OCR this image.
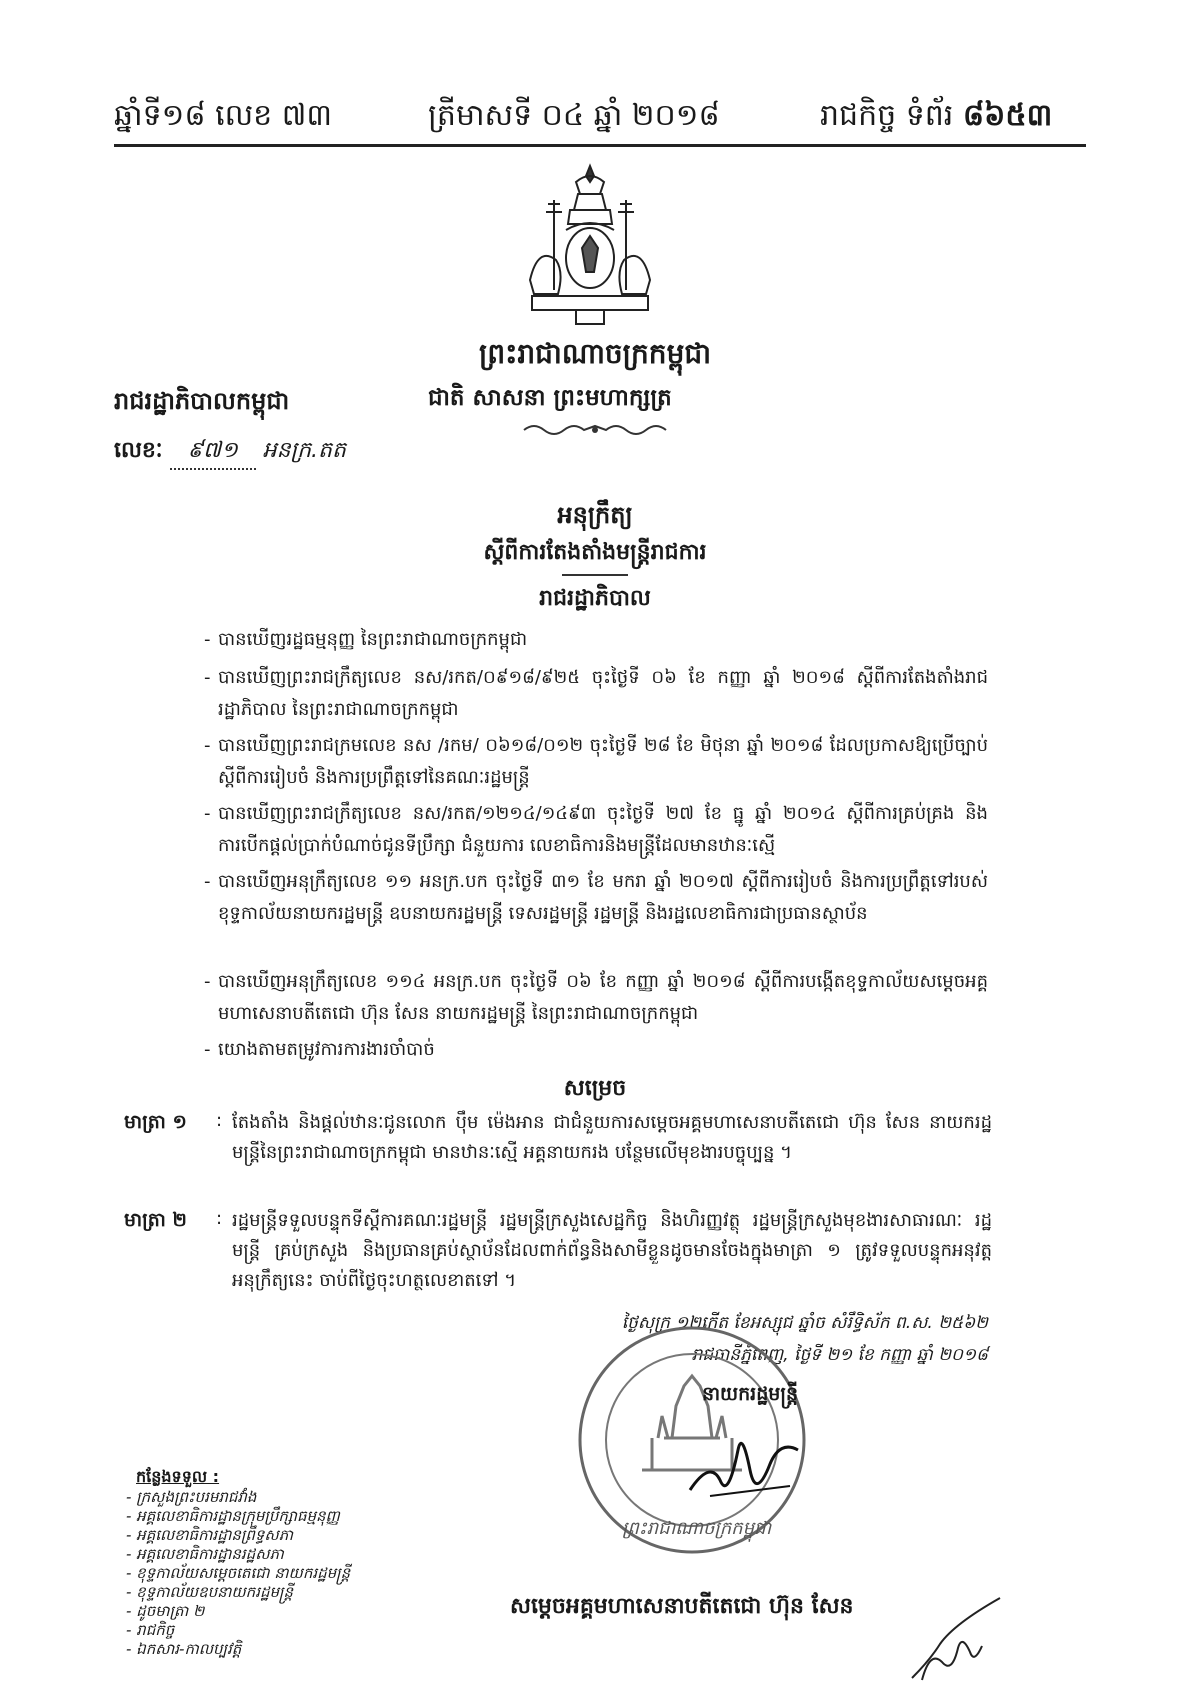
ឆ្នាំទី១៨ លេខ ៧៣	ត្រីមាសទី ០៤ ឆ្នាំ ២០១៨	រាជកិច្ច ទំព័រ ៨៦៥៣
ព្រះរាជាណាចក្រកម្ពុជា
ជាតិ សាសនា ព្រះមហាក្សត្រ
រាជរដ្ឋាភិបាលកម្ពុជា
លេខៈ ៩៧១ អនក្រ.តត
អនុក្រឹត្យ
ស្តីពីការតែងតាំងមន្ត្រីរាជការ
រាជរដ្ឋាភិបាល
- បានឃើញរដ្ឋធម្មនុញ្ញ នៃព្រះរាជាណាចក្រកម្ពុជា
- បានឃើញព្រះរាជក្រឹត្យលេខ នស/រកត/០៩១៨/៩២៥ ចុះថ្ងៃទី ០៦ ខែ កញ្ញា ឆ្នាំ ២០១៨ ស្តីពីការតែងតាំងរាជរដ្ឋាភិបាល នៃព្រះរាជាណាចក្រកម្ពុជា
- បានឃើញព្រះរាជក្រមលេខ នស /រកម/ ០៦១៨/០១២ ចុះថ្ងៃទី ២៨ ខែ មិថុនា ឆ្នាំ ២០១៨ ដែលប្រកាសឱ្យប្រើច្បាប់ស្តីពីការរៀបចំ និងការប្រព្រឹត្តទៅនៃគណៈរដ្ឋមន្ត្រី
- បានឃើញព្រះរាជក្រឹត្យលេខ នស/រកត/១២១៤/១៤៩៣ ចុះថ្ងៃទី ២៧ ខែ ធ្នូ ឆ្នាំ ២០១៤ ស្តីពីការគ្រប់គ្រង និងការបើកផ្តល់ប្រាក់បំណាច់ជូនទីប្រឹក្សា ជំនួយការ លេខាធិការនិងមន្ត្រីដែលមានឋានៈស្មើ
- បានឃើញអនុក្រឹត្យលេខ ១១ អនក្រ.បក ចុះថ្ងៃទី ៣១ ខែ មករា ឆ្នាំ ២០១៧ ស្តីពីការរៀបចំ និងការប្រព្រឹត្តទៅរបស់ខុទ្ទកាល័យនាយករដ្ឋមន្ត្រី ឧបនាយករដ្ឋមន្ត្រី ទេសរដ្ឋមន្ត្រី រដ្ឋមន្ត្រី និងរដ្ឋលេខាធិការជាប្រធានស្ថាប័ន
- បានឃើញអនុក្រឹត្យលេខ ១១៤ អនក្រ.បក ចុះថ្ងៃទី ០៦ ខែ កញ្ញា ឆ្នាំ ២០១៨ ស្តីពីការបង្កើតខុទ្ទកាល័យសម្តេចអគ្គមហាសេនាបតីតេជោ ហ៊ុន សែន នាយករដ្ឋមន្ត្រី នៃព្រះរាជាណាចក្រកម្ពុជា
- យោងតាមតម្រូវការការងារចាំបាច់
សម្រេច
មាត្រា ១ : តែងតាំង និងផ្តល់ឋានៈជូនលោក ប៉ឹម ម៉េងអាន ជាជំនួយការសម្តេចអគ្គមហាសេនាបតីតេជោ ហ៊ុន សែន នាយករដ្ឋមន្ត្រីនៃព្រះរាជាណាចក្រកម្ពុជា មានឋានៈស្មើ អគ្គនាយករង បន្ថែមលើមុខងារបច្ចុប្បន្ន ។
មាត្រា ២ : រដ្ឋមន្ត្រីទទួលបន្ទុកទីស្តីការគណៈរដ្ឋមន្ត្រី រដ្ឋមន្ត្រីក្រសួងសេដ្ឋកិច្ច និងហិរញ្ញវត្ថុ រដ្ឋមន្ត្រីក្រសួងមុខងារសាធារណៈ រដ្ឋមន្ត្រី គ្រប់ក្រសួង និងប្រធានគ្រប់ស្ថាប័នដែលពាក់ព័ន្ធនិងសាមីខ្លួនដូចមានចែងក្នុងមាត្រា ១ ត្រូវទទួលបន្ទុកអនុវត្តអនុក្រឹត្យនេះ ចាប់ពីថ្ងៃចុះហត្ថលេខាតទៅ ។
ថ្ងៃសុក្រ ១២កើត ខែអស្សុជ ឆ្នាំច សំរឹទ្ធិស័ក ព.ស. ២៥៦២
រាជធានីភ្នំពេញ, ថ្ងៃទី ២១ ខែ កញ្ញា ឆ្នាំ ២០១៨
ព្រះរាជាណាចក្រកម្ពុជា
នាយករដ្ឋមន្ត្រី
សម្តេចអគ្គមហាសេនាបតីតេជោ ហ៊ុន សែន
កន្លែងទទួល :
- ក្រសួងព្រះបរមរាជវាំង
- អគ្គលេខាធិការដ្ឋានក្រុមប្រឹក្សាធម្មនុញ្ញ
- អគ្គលេខាធិការដ្ឋានព្រឹទ្ធសភា
- អគ្គលេខាធិការដ្ឋានរដ្ឋសភា
- ខុទ្ទកាល័យសម្តេចតេជោ នាយករដ្ឋមន្ត្រី
- ខុទ្ទកាល័យឧបនាយករដ្ឋមន្ត្រី
- ដូចមាត្រា ២
- រាជកិច្ច
- ឯកសារ-កាលប្បវត្តិ
